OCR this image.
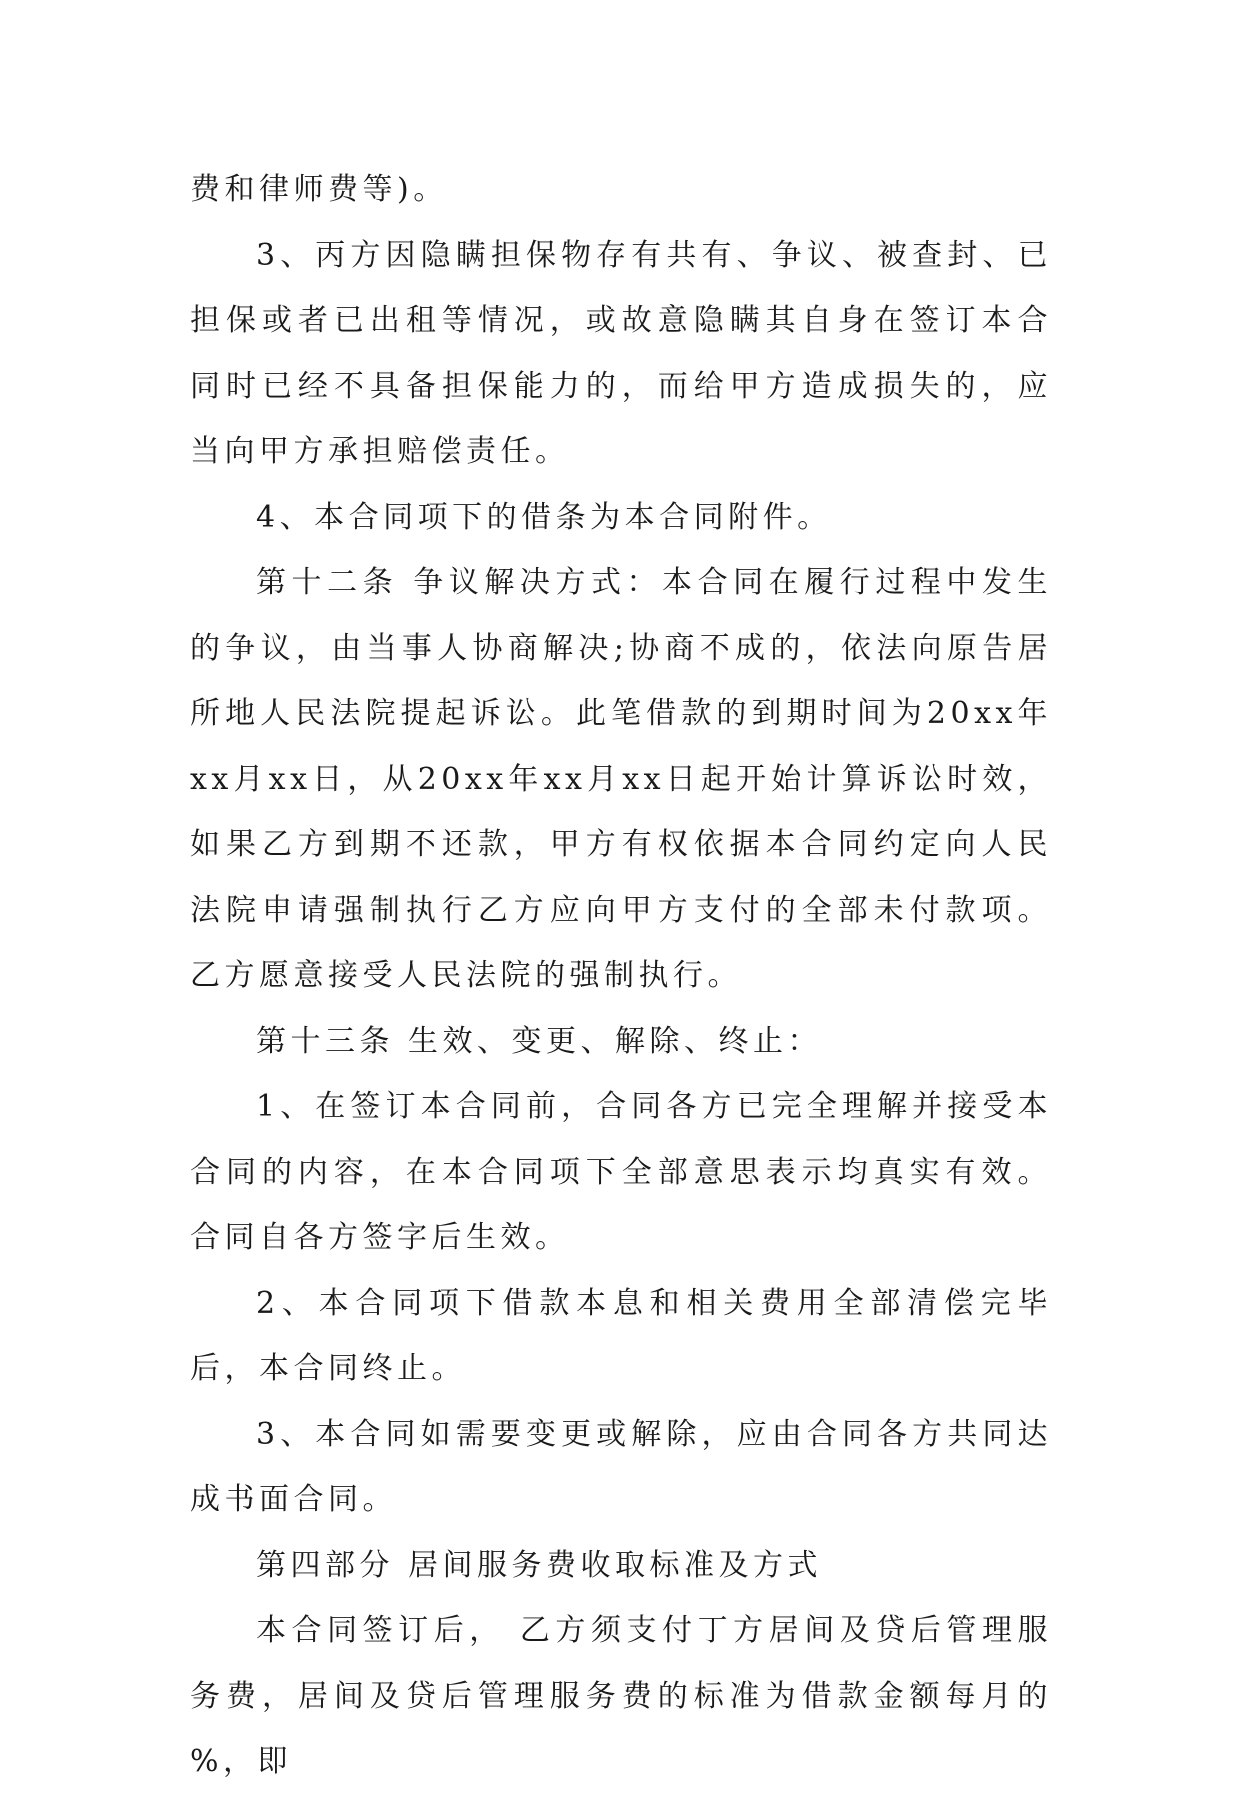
费和律师费等)。

3、丙方因隐瞒担保物存有共有、争议、被查封、已担保或者已出租等情况，或故意隐瞒其自身在签订本合同时已经不具备担保能力的，而给甲方造成损失的，应当向甲方承担赔偿责任。

4、本合同项下的借条为本合同附件。

第十二条 争议解决方式：本合同在履行过程中发生的争议，由当事人协商解决;协商不成的，依法向原告居所地人民法院提起诉讼。此笔借款的到期时间为20xx年xx月xx日，从20xx年xx月xx日起开始计算诉讼时效，如果乙方到期不还款，甲方有权依据本合同约定向人民法院申请强制执行乙方应向甲方支付的全部未付款项。乙方愿意接受人民法院的强制执行。

第十三条 生效、变更、解除、终止：

1、在签订本合同前，合同各方已完全理解并接受本合同的内容，在本合同项下全部意思表示均真实有效。合同自各方签字后生效。

2、本合同项下借款本息和相关费用全部清偿完毕后，本合同终止。

3、本合同如需要变更或解除，应由合同各方共同达成书面合同。

第四部分 居间服务费收取标准及方式

本合同签订后， 乙方须支付丁方居间及贷后管理服务费，居间及贷后管理服务费的标准为借款金额每月的 %，即
